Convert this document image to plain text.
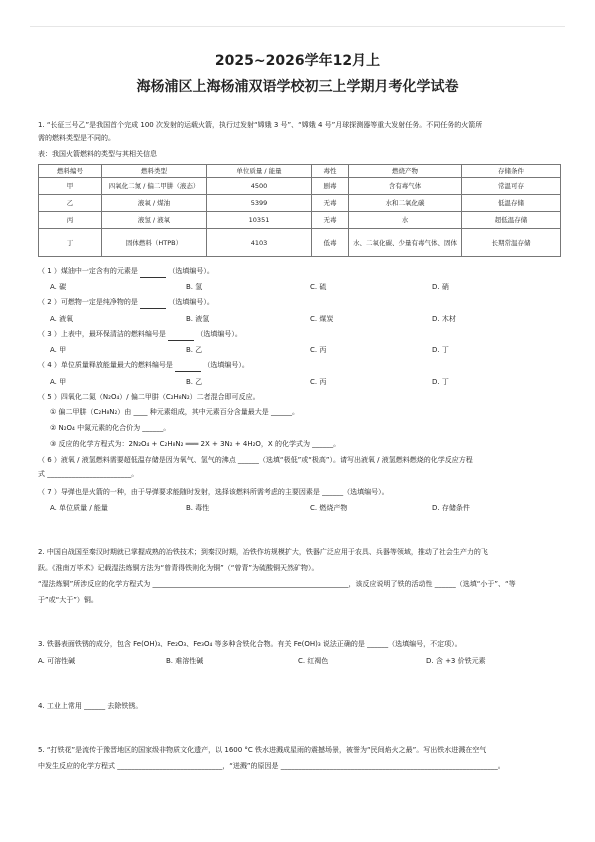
2025~2026学年12月上
海杨浦区上海杨浦双语学校初三上学期月考化学试卷
1. “长征三号乙”是我国首个完成 100 次发射的运载火箭，执行过发射“嫦娥 3 号”、“嫦娥 4 号”月球探测器等重大发射任务。不同任务的火箭所
需的燃料类型是不同的。
表：我国火箭燃料的类型与其相关信息
燃料编号	燃料类型	单位质量 / 能量	毒性	燃烧产物	存储条件
甲	四氧化二氮 / 偏二甲肼（液态）	4500	剧毒	含有毒气体	常温可存
乙	液氧 / 煤油	5399	无毒	水和二氧化碳	低温存储
丙	液氢 / 液氧	10351	无毒	水	超低温存储
丁	固体燃料（HTPB）	4103	低毒	水、二氧化碳、少量有毒气体、固体	长期常温存储
（ 1 ）煤油中一定含有的元素是	（选填编号）。
A. 碳	B. 氢	C. 硫	D. 硝
（ 2 ）可燃物一定是纯净物的是	（选填编号）。
A. 液氧	B. 液氢	C. 煤炭	D. 木材
（ 3 ）上表中，最环保清洁的燃料编号是	（选填编号）。
A. 甲	B. 乙	C. 丙	D. 丁
（ 4 ）单位质量释放能量最大的燃料编号是	（选填编号）。
A. 甲	B. 乙	C. 丙	D. 丁
（ 5 ）四氧化二氮（N₂O₄）/ 偏二甲肼（C₂H₈N₂）二者混合即可反应。
① 偏二甲肼（C₂H₈N₂）由 ____ 种元素组成，其中元素百分含量最大是 ______。
② N₂O₄ 中氮元素的化合价为 ______。
③ 反应的化学方程式为：2N₂O₄ + C₂H₈N₂ ═══ 2X + 3N₂ + 4H₂O，X 的化学式为 ______。
（ 6 ）液氧 / 液氢燃料需要超低温存储是因为氧气、氢气的沸点 ______（选填“极低”或“极高”）。请写出液氧 / 液氢燃料燃烧的化学反应方程
式 ________________________。
（ 7 ）导弹也是火箭的一种，由于导弹要求能随时发射，选择该燃料所需考虑的主要因素是 ______（选填编号）。
A. 单位质量 / 能量	B. 毒性	C. 燃烧产物	D. 存储条件
2. 中国自战国至秦汉时期就已掌握成熟的冶铁技术；到秦汉时期，冶铁作坊规模扩大，铁器广泛应用于农具、兵器等领域，推动了社会生产力的飞
跃。《淮南万毕术》记载湿法炼铜方法为“曾青得铁则化为铜”（“曾青”为硫酸铜天然矿物）。
“湿法炼铜”所涉反应的化学方程式为 ________________________________________________________，该反应说明了铁的活动性 ______（选填“小于”、“等
于”或“大于”）铜。
3. 铁器表面铁锈的成分，包含 Fe(OH)₃、Fe₂O₃、Fe₃O₄ 等多种含铁化合物。有关 Fe(OH)₃ 说法正确的是 ______（选填编号，不定项）。
A. 可溶性碱	B. 难溶性碱	C. 红褐色	D. 含 +3 价铁元素
4. 工业上常用 ______ 去除铁锈。
5. “打铁花”是流传于豫晋地区的国家级非物质文化遗产，以 1600 °C 铁水进溅成星雨的震撼场景，被誉为“民间焰火之最”。写出铁水进溅在空气
中发生反应的化学方程式 ______________________________，“迸溅”的原因是 ______________________________________________________________。
